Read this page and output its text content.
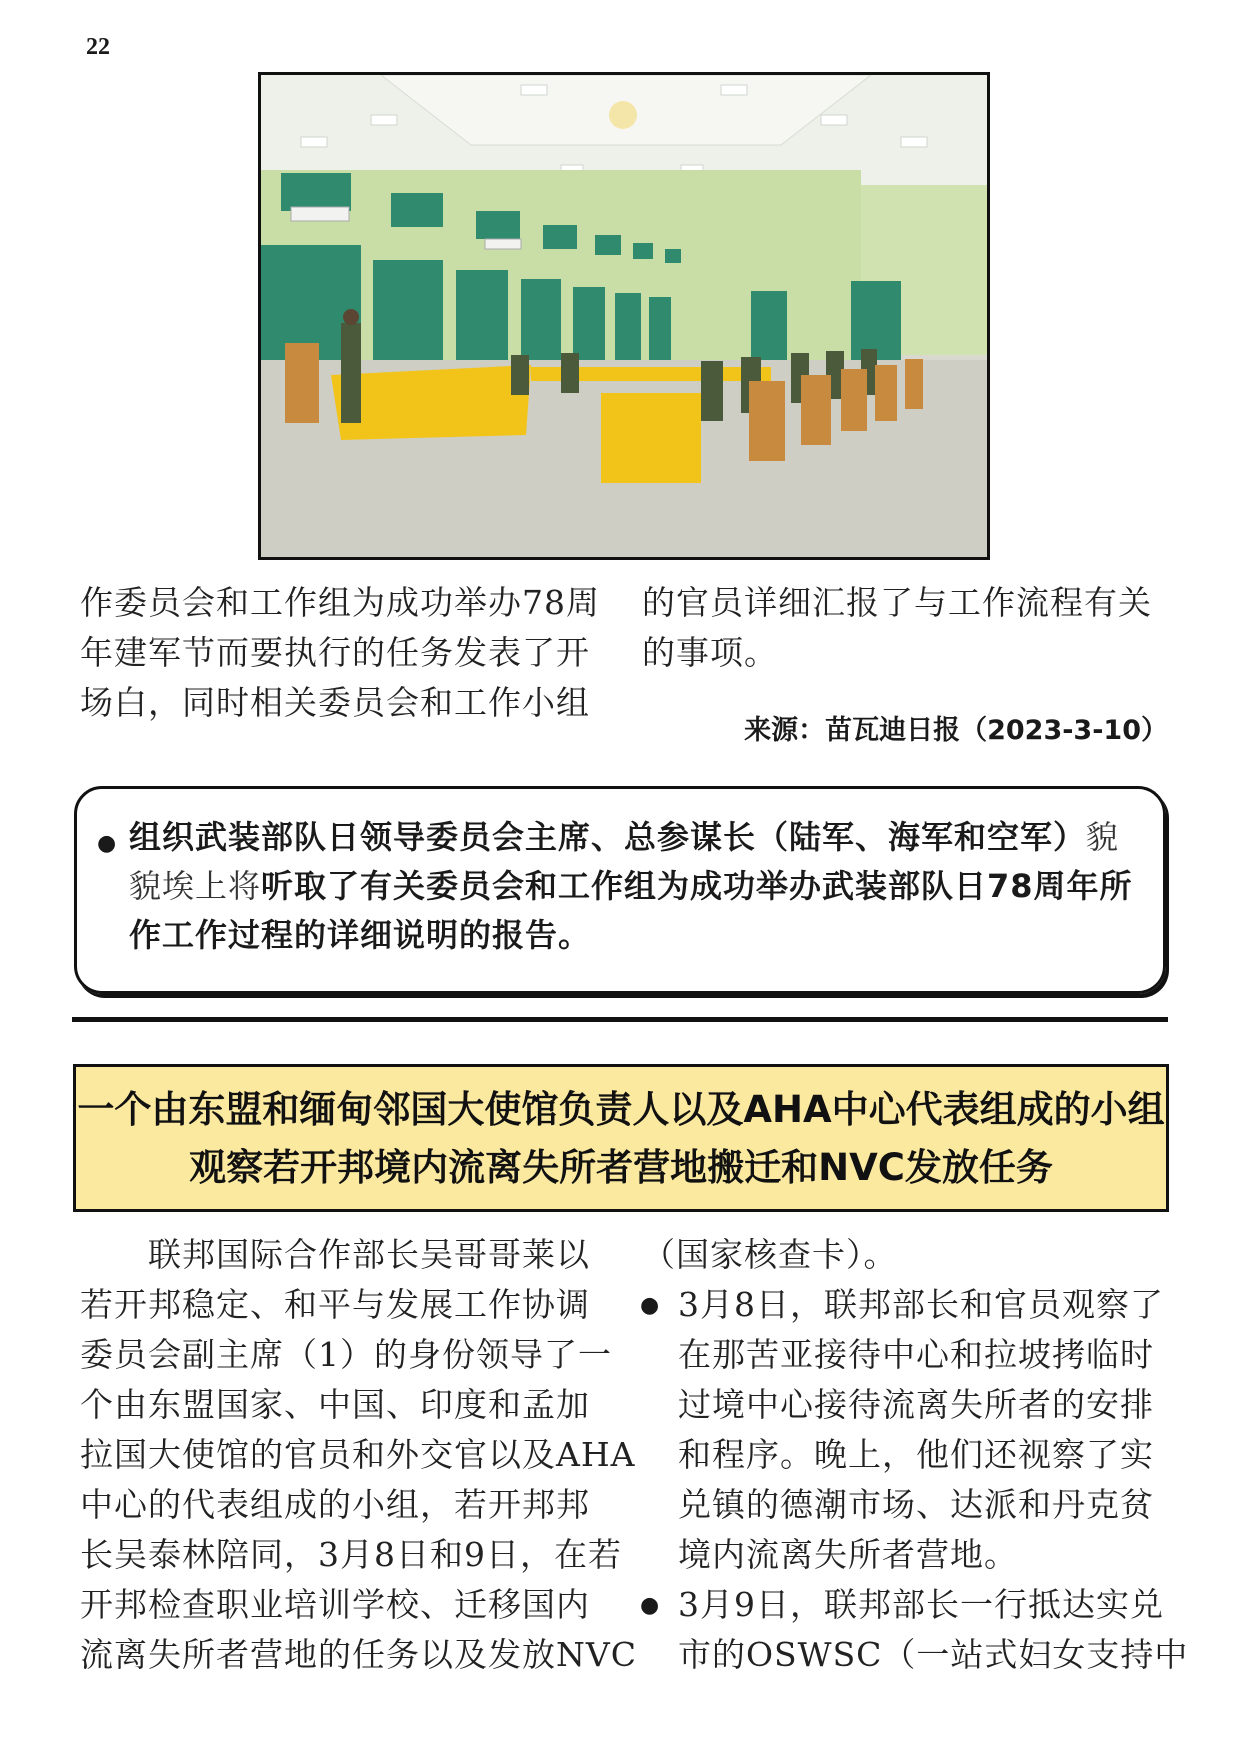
22
作委员会和工作组为成功举办78周
年建军节而要执行的任务发表了开
场白，同时相关委员会和工作小组
的官员详细汇报了与工作流程有关
的事项。
来源：苗瓦迪日报（2023-3-10）
● 组织武装部队日领导委员会主席、总参谋长（陆军、海军和空军）貌貌埃上将听取了有关委员会和工作组为成功举办武装部队日78周年所作工作过程的详细说明的报告。
一个由东盟和缅甸邻国大使馆负责人以及AHA中心代表组成的小组
观察若开邦境内流离失所者营地搬迁和NVC发放任务
　　联邦国际合作部长吴哥哥莱以
若开邦稳定、和平与发展工作协调
委员会副主席（1）的身份领导了一
个由东盟国家、中国、印度和孟加
拉国大使馆的官员和外交官以及AHA
中心的代表组成的小组，若开邦邦
长吴泰林陪同，3月8日和9日，在若
开邦检查职业培训学校、迁移国内
流离失所者营地的任务以及发放NVC
（国家核查卡）。
● 3月8日，联邦部长和官员观察了
在那苦亚接待中心和拉坡拷临时
过境中心接待流离失所者的安排
和程序。晚上，他们还视察了实
兑镇的德潮市场、达派和丹克贫
境内流离失所者营地。
● 3月9日，联邦部长一行抵达实兑
市的OSWSC（一站式妇女支持中
